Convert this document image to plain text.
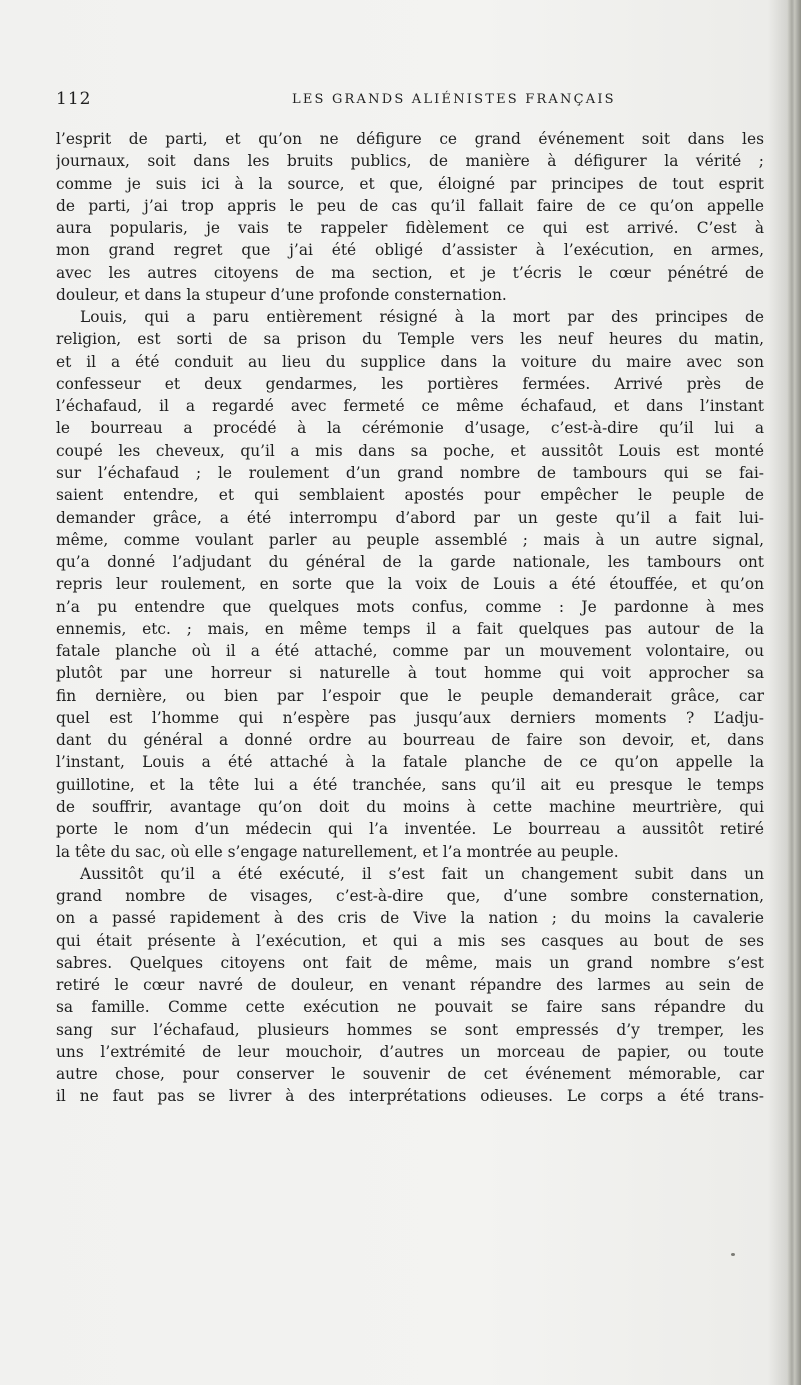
112	LES GRANDS ALIÉNISTES FRANÇAIS
l’esprit de parti, et qu’on ne défigure ce grand événement soit dans les
journaux, soit dans les bruits publics, de manière à défigurer la vérité ;
comme je suis ici à la source, et que, éloigné par principes de tout esprit
de parti, j’ai trop appris le peu de cas qu’il fallait faire de ce qu’on appelle
aura popularis, je vais te rappeler fidèlement ce qui est arrivé. C’est à
mon grand regret que j’ai été obligé d’assister à l’exécution, en armes,
avec les autres citoyens de ma section, et je t’écris le cœur pénétré de
douleur, et dans la stupeur d’une profonde consternation.
Louis, qui a paru entièrement résigné à la mort par des principes de
religion, est sorti de sa prison du Temple vers les neuf heures du matin,
et il a été conduit au lieu du supplice dans la voiture du maire avec son
confesseur et deux gendarmes, les portières fermées. Arrivé près de
l’échafaud, il a regardé avec fermeté ce même échafaud, et dans l’instant
le bourreau a procédé à la cérémonie d’usage, c’est-à-dire qu’il lui a
coupé les cheveux, qu’il a mis dans sa poche, et aussitôt Louis est monté
sur l’échafaud ; le roulement d’un grand nombre de tambours qui se fai-
saient entendre, et qui semblaient apostés pour empêcher le peuple de
demander grâce, a été interrompu d’abord par un geste qu’il a fait lui-
même, comme voulant parler au peuple assemblé ; mais à un autre signal,
qu’a donné l’adjudant du général de la garde nationale, les tambours ont
repris leur roulement, en sorte que la voix de Louis a été étouffée, et qu’on
n’a pu entendre que quelques mots confus, comme : Je pardonne à mes
ennemis, etc. ; mais, en même temps il a fait quelques pas autour de la
fatale planche où il a été attaché, comme par un mouvement volontaire, ou
plutôt par une horreur si naturelle à tout homme qui voit approcher sa
fin dernière, ou bien par l’espoir que le peuple demanderait grâce, car
quel est l’homme qui n’espère pas jusqu’aux derniers moments ? L’adju-
dant du général a donné ordre au bourreau de faire son devoir, et, dans
l’instant, Louis a été attaché à la fatale planche de ce qu’on appelle la
guillotine, et la tête lui a été tranchée, sans qu’il ait eu presque le temps
de souffrir, avantage qu’on doit du moins à cette machine meurtrière, qui
porte le nom d’un médecin qui l’a inventée. Le bourreau a aussitôt retiré
la tête du sac, où elle s’engage naturellement, et l’a montrée au peuple.
Aussitôt qu’il a été exécuté, il s’est fait un changement subit dans un
grand nombre de visages, c’est-à-dire que, d’une sombre consternation,
on a passé rapidement à des cris de Vive la nation ; du moins la cavalerie
qui était présente à l’exécution, et qui a mis ses casques au bout de ses
sabres. Quelques citoyens ont fait de même, mais un grand nombre s’est
retiré le cœur navré de douleur, en venant répandre des larmes au sein de
sa famille. Comme cette exécution ne pouvait se faire sans répandre du
sang sur l’échafaud, plusieurs hommes se sont empressés d’y tremper, les
uns l’extrémité de leur mouchoir, d’autres un morceau de papier, ou toute
autre chose, pour conserver le souvenir de cet événement mémorable, car
il ne faut pas se livrer à des interprétations odieuses. Le corps a été trans-
